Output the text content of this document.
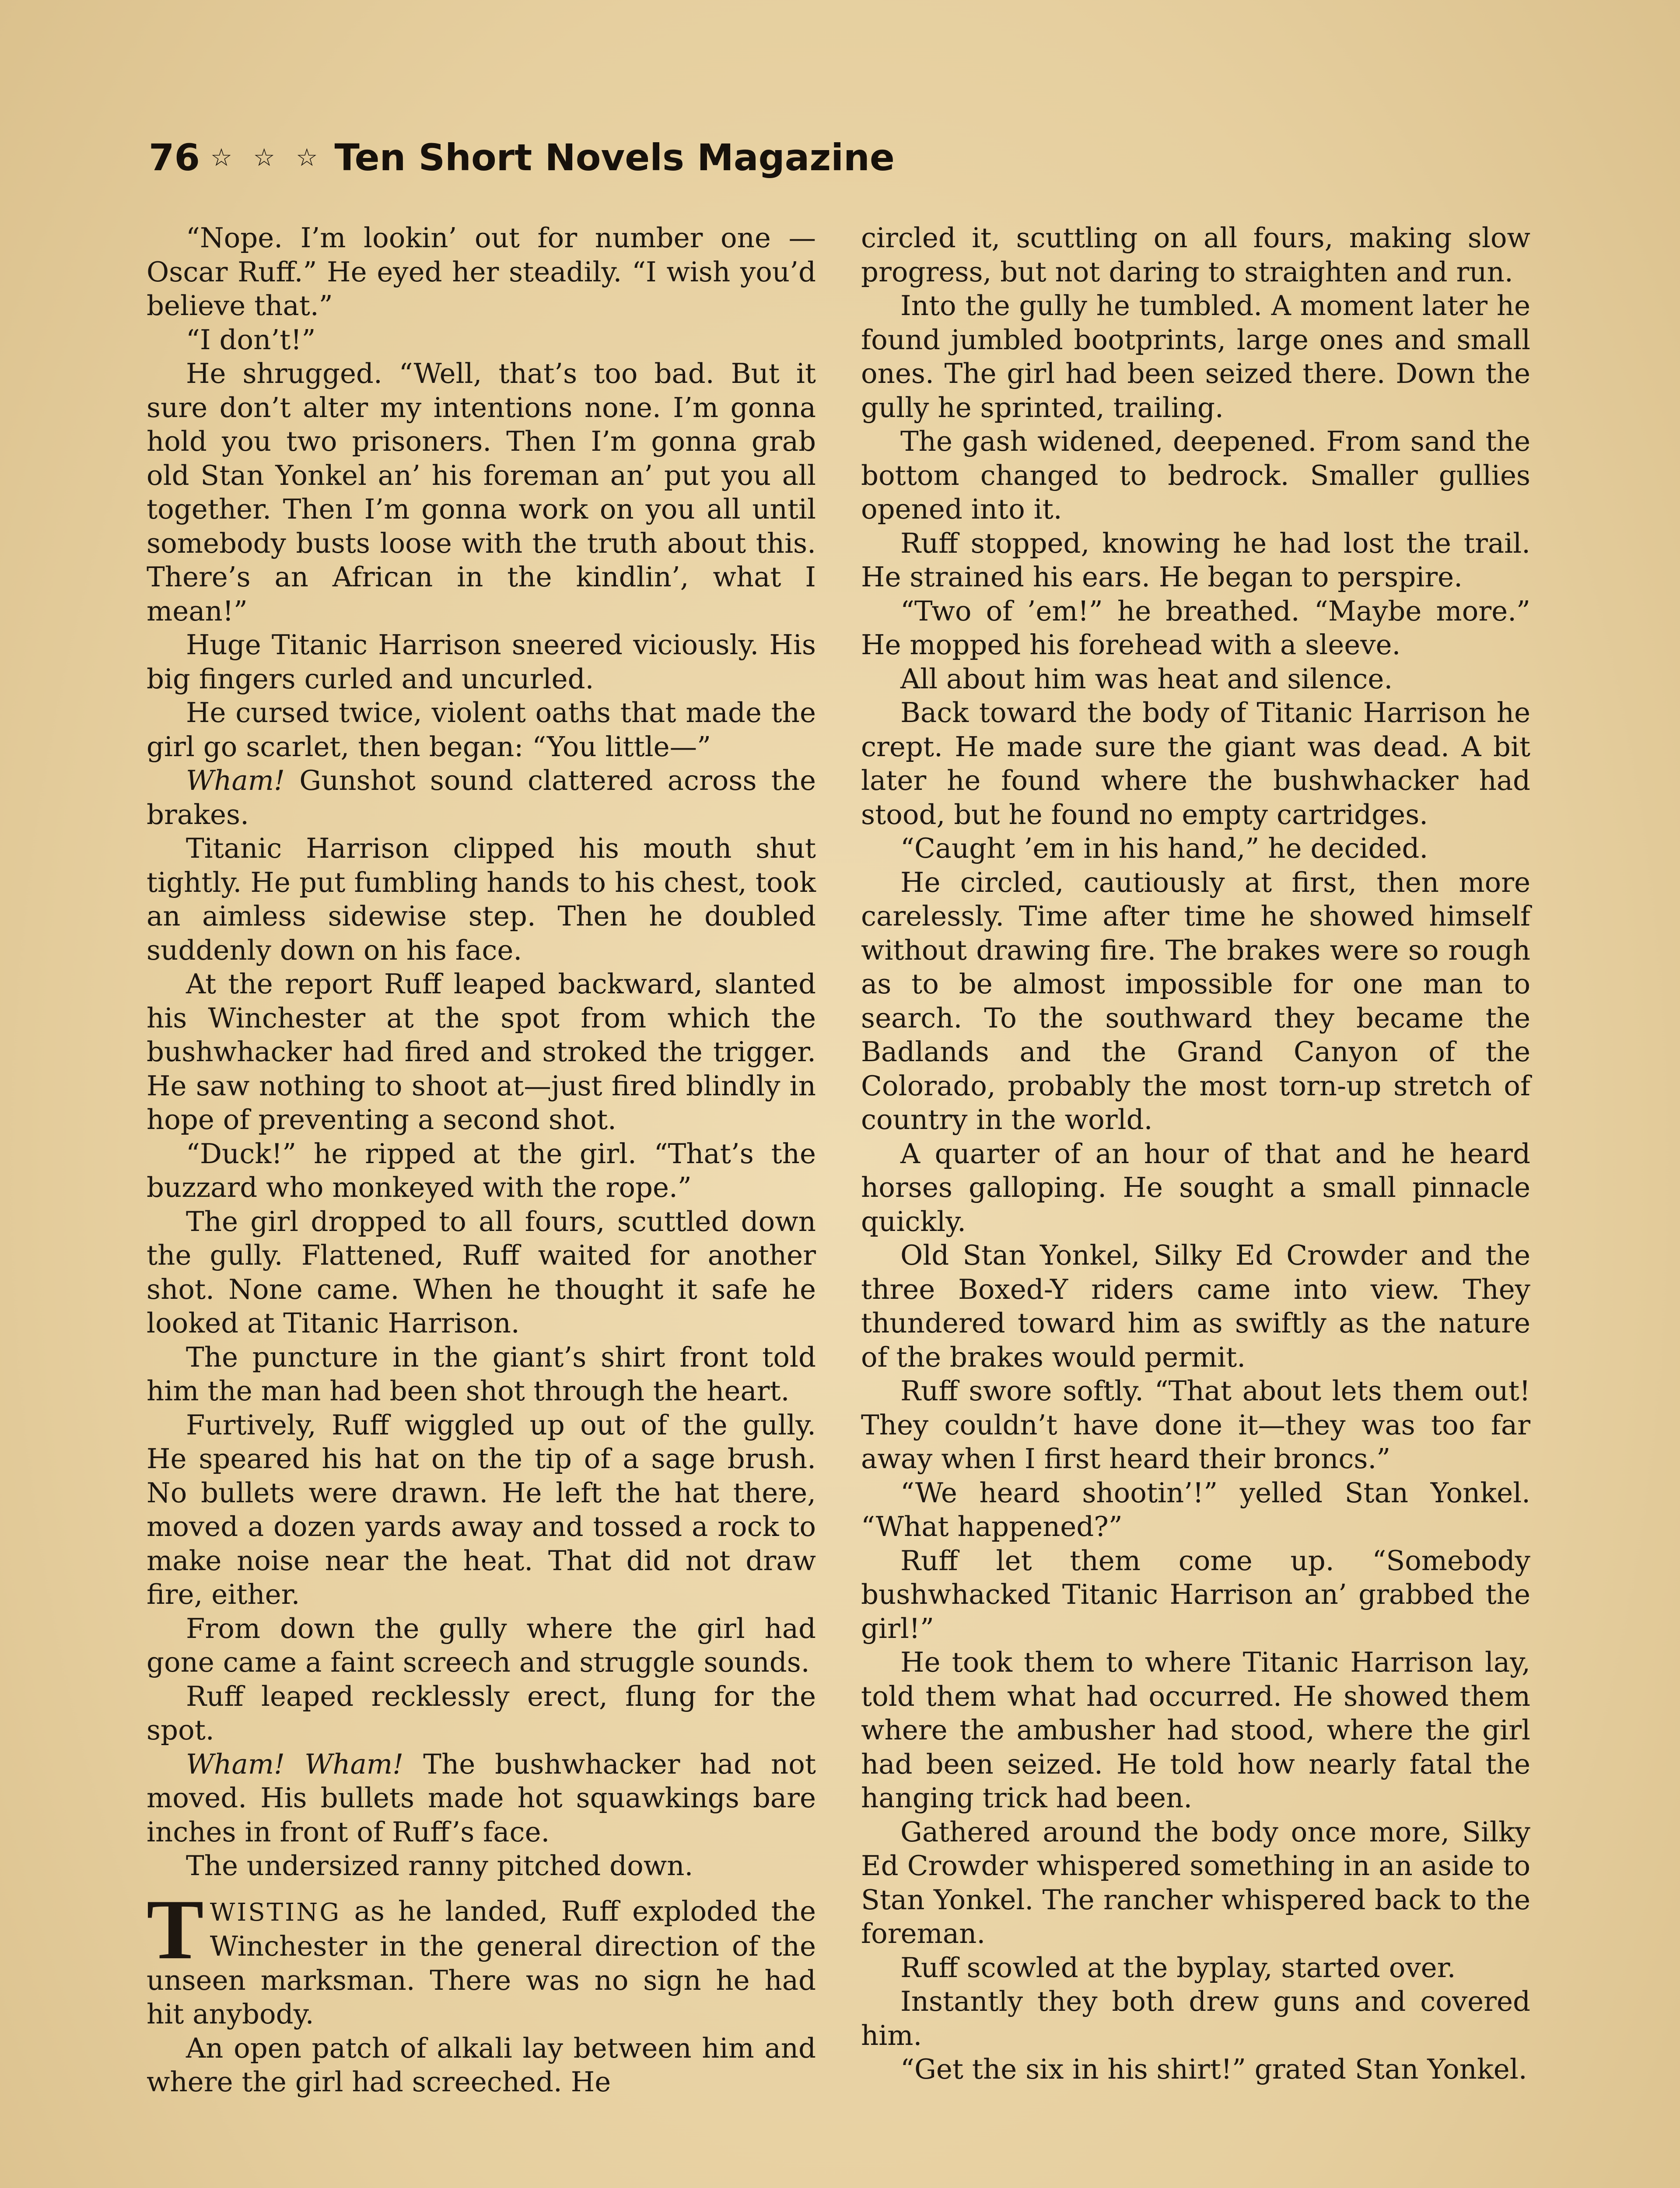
76 ☆ ☆ ☆ Ten Short Novels Magazine

“Nope. I’m lookin’ out for number one —Oscar Ruff.” He eyed her steadily. “I wish you’d believe that.”

“I don’t!”

He shrugged. “Well, that’s too bad. But it sure don’t alter my intentions none. I’m gonna hold you two prisoners. Then I’m gonna grab old Stan Yonkel an’ his foreman an’ put you all together. Then I’m gonna work on you all until somebody busts loose with the truth about this. There’s an African in the kindlin’, what I mean!”

Huge Titanic Harrison sneered viciously. His big fingers curled and uncurled.

He cursed twice, violent oaths that made the girl go scarlet, then began: “You little—”

Wham! Gunshot sound clattered across the brakes.

Titanic Harrison clipped his mouth shut tightly. He put fumbling hands to his chest, took an aimless sidewise step. Then he doubled suddenly down on his face.

At the report Ruff leaped backward, slanted his Winchester at the spot from which the bushwhacker had fired and stroked the trigger. He saw nothing to shoot at—just fired blindly in hope of preventing a second shot.

“Duck!” he ripped at the girl. “That’s the buzzard who monkeyed with the rope.”

The girl dropped to all fours, scuttled down the gully. Flattened, Ruff waited for another shot. None came. When he thought it safe he looked at Titanic Harrison.

The puncture in the giant’s shirt front told him the man had been shot through the heart.

Furtively, Ruff wiggled up out of the gully. He speared his hat on the tip of a sage brush. No bullets were drawn. He left the hat there, moved a dozen yards away and tossed a rock to make noise near the heat. That did not draw fire, either.

From down the gully where the girl had gone came a faint screech and struggle sounds.

Ruff leaped recklessly erect, flung for the spot.

Wham! Wham! The bushwhacker had not moved. His bullets made hot squawkings bare inches in front of Ruff’s face.

The undersized ranny pitched down.

TWISTING as he landed, Ruff exploded the Winchester in the general direction of the unseen marksman. There was no sign he had hit anybody.

An open patch of alkali lay between him and where the girl had screeched. He

circled it, scuttling on all fours, making slow progress, but not daring to straighten and run.

Into the gully he tumbled. A moment later he found jumbled bootprints, large ones and small ones. The girl had been seized there. Down the gully he sprinted, trailing.

The gash widened, deepened. From sand the bottom changed to bedrock. Smaller gullies opened into it.

Ruff stopped, knowing he had lost the trail. He strained his ears. He began to perspire.

“Two of ’em!” he breathed. “Maybe more.” He mopped his forehead with a sleeve.

All about him was heat and silence.

Back toward the body of Titanic Harrison he crept. He made sure the giant was dead. A bit later he found where the bushwhacker had stood, but he found no empty cartridges.

“Caught ’em in his hand,” he decided.

He circled, cautiously at first, then more carelessly. Time after time he showed himself without drawing fire. The brakes were so rough as to be almost impossible for one man to search. To the southward they became the Badlands and the Grand Canyon of the Colorado, probably the most torn-up stretch of country in the world.

A quarter of an hour of that and he heard horses galloping. He sought a small pinnacle quickly.

Old Stan Yonkel, Silky Ed Crowder and the three Boxed-Y riders came into view. They thundered toward him as swiftly as the nature of the brakes would permit.

Ruff swore softly. “That about lets them out! They couldn’t have done it—they was too far away when I first heard their broncs.”

“We heard shootin’!” yelled Stan Yonkel. “What happened?”

Ruff let them come up. “Somebody bushwhacked Titanic Harrison an’ grabbed the girl!”

He took them to where Titanic Harrison lay, told them what had occurred. He showed them where the ambusher had stood, where the girl had been seized. He told how nearly fatal the hanging trick had been.

Gathered around the body once more, Silky Ed Crowder whispered something in an aside to Stan Yonkel. The rancher whispered back to the foreman.

Ruff scowled at the byplay, started over.

Instantly they both drew guns and covered him.

“Get the six in his shirt!” grated Stan Yonkel.
